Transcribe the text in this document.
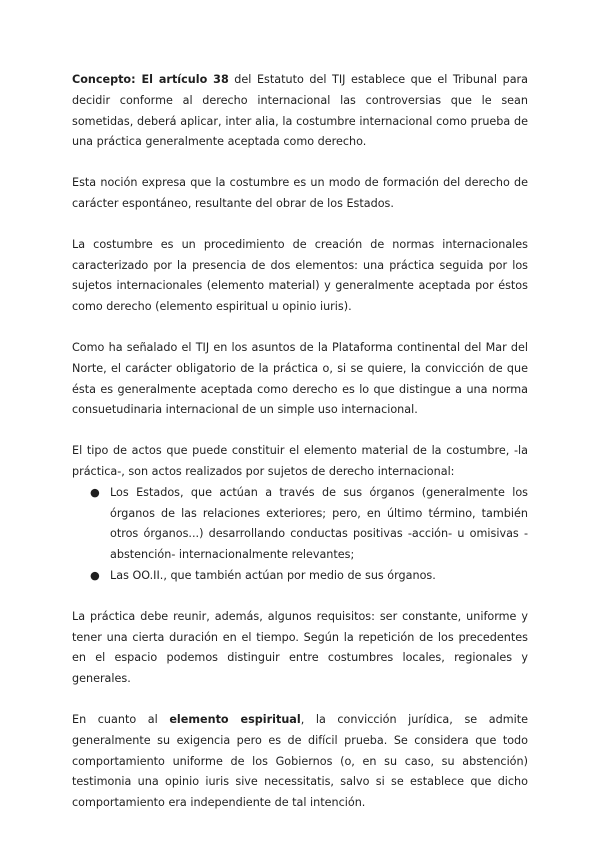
Concepto: El artículo 38 del Estatuto del TIJ establece que el Tribunal para decidir conforme al derecho internacional las controversias que le sean sometidas, deberá aplicar, inter alia, la costumbre internacional como prueba de una práctica generalmente aceptada como derecho.

Esta noción expresa que la costumbre es un modo de formación del derecho de carácter espontáneo, resultante del obrar de los Estados.

La costumbre es un procedimiento de creación de normas internacionales caracterizado por la presencia de dos elementos: una práctica seguida por los sujetos internacionales (elemento material) y generalmente aceptada por éstos como derecho (elemento espiritual u opinio iuris).

Como ha señalado el TIJ en los asuntos de la Plataforma continental del Mar del Norte, el carácter obligatorio de la práctica o, si se quiere, la convicción de que ésta es generalmente aceptada como derecho es lo que distingue a una norma consuetudinaria internacional de un simple uso internacional.

El tipo de actos que puede constituir el elemento material de la costumbre, -la práctica-, son actos realizados por sujetos de derecho internacional:

● Los Estados, que actúan a través de sus órganos (generalmente los órganos de las relaciones exteriores; pero, en último término, también otros órganos...) desarrollando conductas positivas -acción- u omisivas -abstención- internacionalmente relevantes;
● Las OO.II., que también actúan por medio de sus órganos.

La práctica debe reunir, además, algunos requisitos: ser constante, uniforme y tener una cierta duración en el tiempo. Según la repetición de los precedentes en el espacio podemos distinguir entre costumbres locales, regionales y generales.

En cuanto al elemento espiritual, la convicción jurídica, se admite generalmente su exigencia pero es de difícil prueba. Se considera que todo comportamiento uniforme de los Gobiernos (o, en su caso, su abstención) testimonia una opinio iuris sive necessitatis, salvo si se establece que dicho comportamiento era independiente de tal intención.
